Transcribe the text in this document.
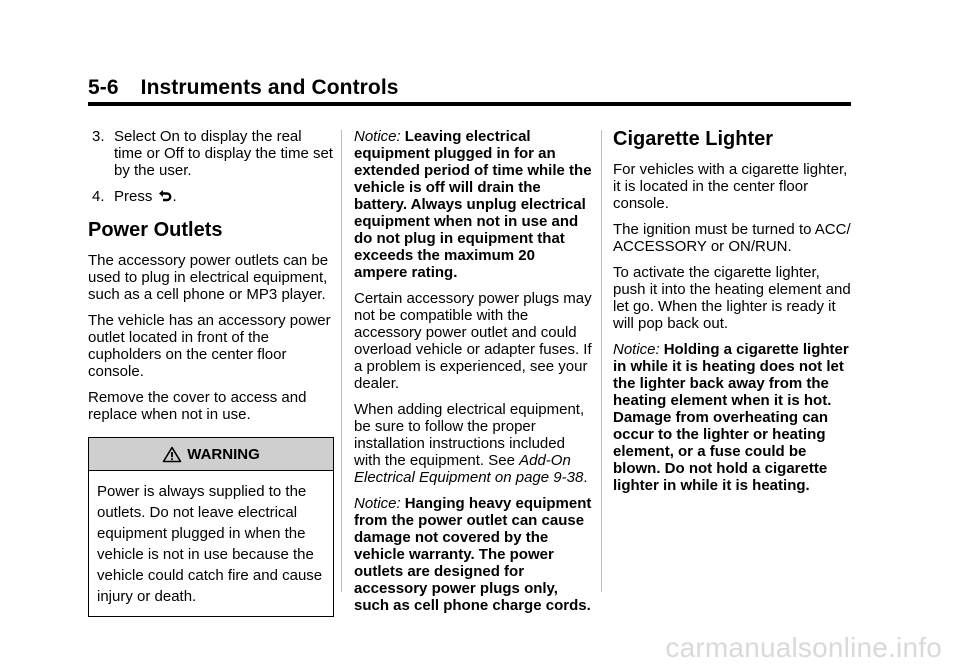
5-6 Instruments and Controls
3. Select On to display the real time or Off to display the time set by the user.
4. Press .
Power Outlets

The accessory power outlets can be used to plug in electrical equipment, such as a cell phone or MP3 player.

The vehicle has an accessory power outlet located in front of the cupholders on the center floor console.

Remove the cover to access and replace when not in use.

WARNING
Power is always supplied to the outlets. Do not leave electrical equipment plugged in when the vehicle is not in use because the vehicle could catch fire and cause injury or death.

Notice: Leaving electrical equipment plugged in for an extended period of time while the vehicle is off will drain the battery. Always unplug electrical equipment when not in use and do not plug in equipment that exceeds the maximum 20 ampere rating.

Certain accessory power plugs may not be compatible with the accessory power outlet and could overload vehicle or adapter fuses. If a problem is experienced, see your dealer.

When adding electrical equipment, be sure to follow the proper installation instructions included with the equipment. See Add-On Electrical Equipment on page 9-38.

Notice: Hanging heavy equipment from the power outlet can cause damage not covered by the vehicle warranty. The power outlets are designed for accessory power plugs only, such as cell phone charge cords.

Cigarette Lighter

For vehicles with a cigarette lighter, it is located in the center floor console.

The ignition must be turned to ACC/ ACCESSORY or ON/RUN.

To activate the cigarette lighter, push it into the heating element and let go. When the lighter is ready it will pop back out.

Notice: Holding a cigarette lighter in while it is heating does not let the lighter back away from the heating element when it is hot. Damage from overheating can occur to the lighter or heating element, or a fuse could be blown. Do not hold a cigarette lighter in while it is heating.

carmanualsonline.info
